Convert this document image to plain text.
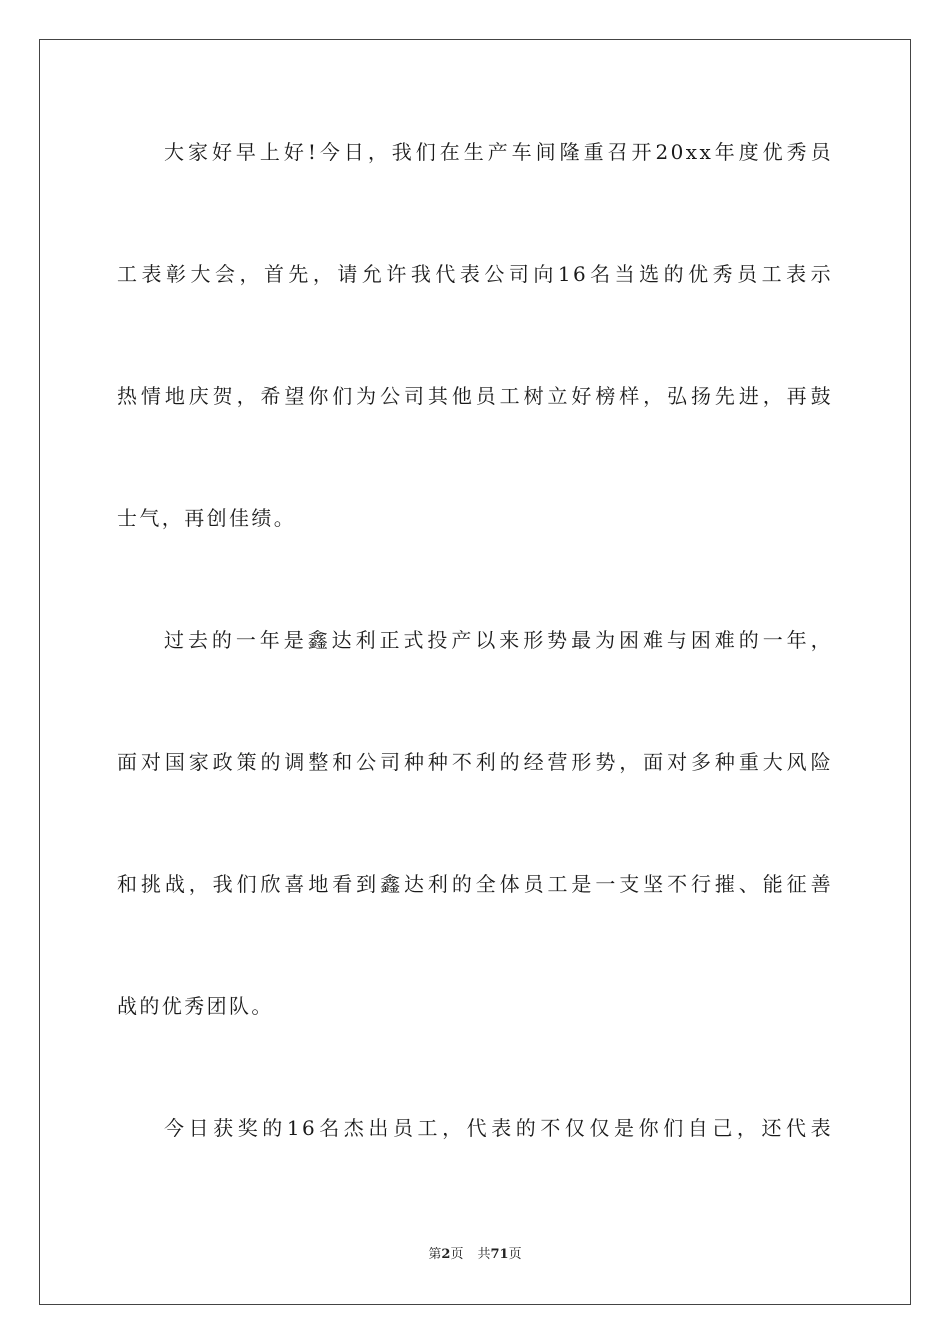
大家好早上好!今日，我们在生产车间隆重召开20xx年度优秀员
工表彰大会，首先，请允许我代表公司向16名当选的优秀员工表示
热情地庆贺，希望你们为公司其他员工树立好榜样，弘扬先进，再鼓
士气，再创佳绩。
过去的一年是鑫达利正式投产以来形势最为困难与困难的一年，
面对国家政策的调整和公司种种不利的经营形势，面对多种重大风险
和挑战，我们欣喜地看到鑫达利的全体员工是一支坚不行摧、能征善
战的优秀团队。
今日获奖的16名杰出员工，代表的不仅仅是你们自己，还代表
第2页 共71页
